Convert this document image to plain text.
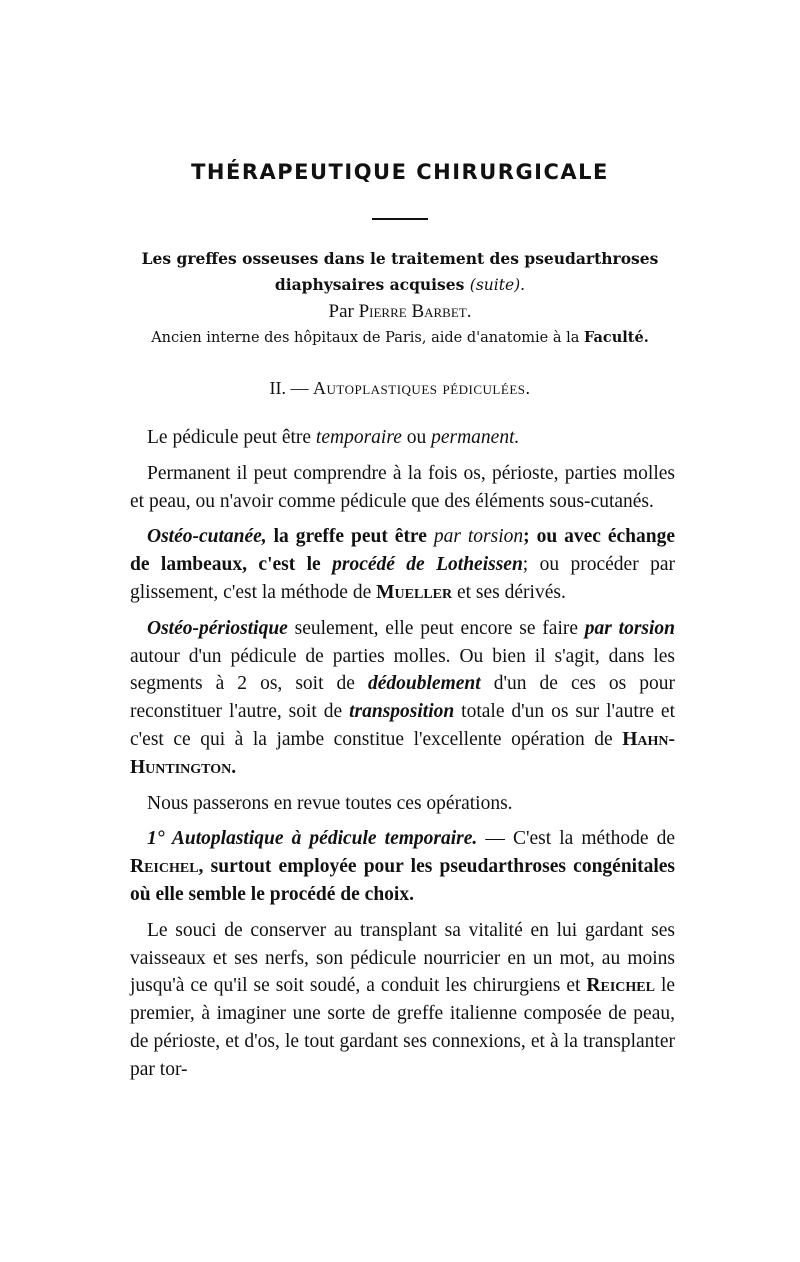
THÉRAPEUTIQUE CHIRURGICALE
Les greffes osseuses dans le traitement des pseudarthroses diaphysaires acquises (suite).
Par Pierre Barbet.
Ancien interne des hôpitaux de Paris, aide d'anatomie à la Faculté.
II. — Autoplastiques pédiculées.

Le pédicule peut être temporaire ou permanent.

Permanent il peut comprendre à la fois os, périoste, parties molles et peau, ou n'avoir comme pédicule que des éléments sous-cutanés.

Ostéo-cutanée, la greffe peut être par torsion; ou avec échange de lambeaux, c'est le procédé de Lotheissen; ou procéder par glissement, c'est la méthode de Mueller et ses dérivés.

Ostéo-périostique seulement, elle peut encore se faire par torsion autour d'un pédicule de parties molles. Ou bien il s'agit, dans les segments à 2 os, soit de dédoublement d'un de ces os pour reconstituer l'autre, soit de transposition totale d'un os sur l'autre et c'est ce qui à la jambe constitue l'excellente opération de Hahn-Huntington.

Nous passerons en revue toutes ces opérations.

1° Autoplastique à pédicule temporaire. — C'est la méthode de Reichel, surtout employée pour les pseudarthroses congénitales où elle semble le procédé de choix.

Le souci de conserver au transplant sa vitalité en lui gardant ses vaisseaux et ses nerfs, son pédicule nourricier en un mot, au moins jusqu'à ce qu'il se soit soudé, a conduit les chirurgiens et Reichel le premier, à imaginer une sorte de greffe italienne composée de peau, de périoste, et d'os, le tout gardant ses connexions, et à la transplanter par tor-
